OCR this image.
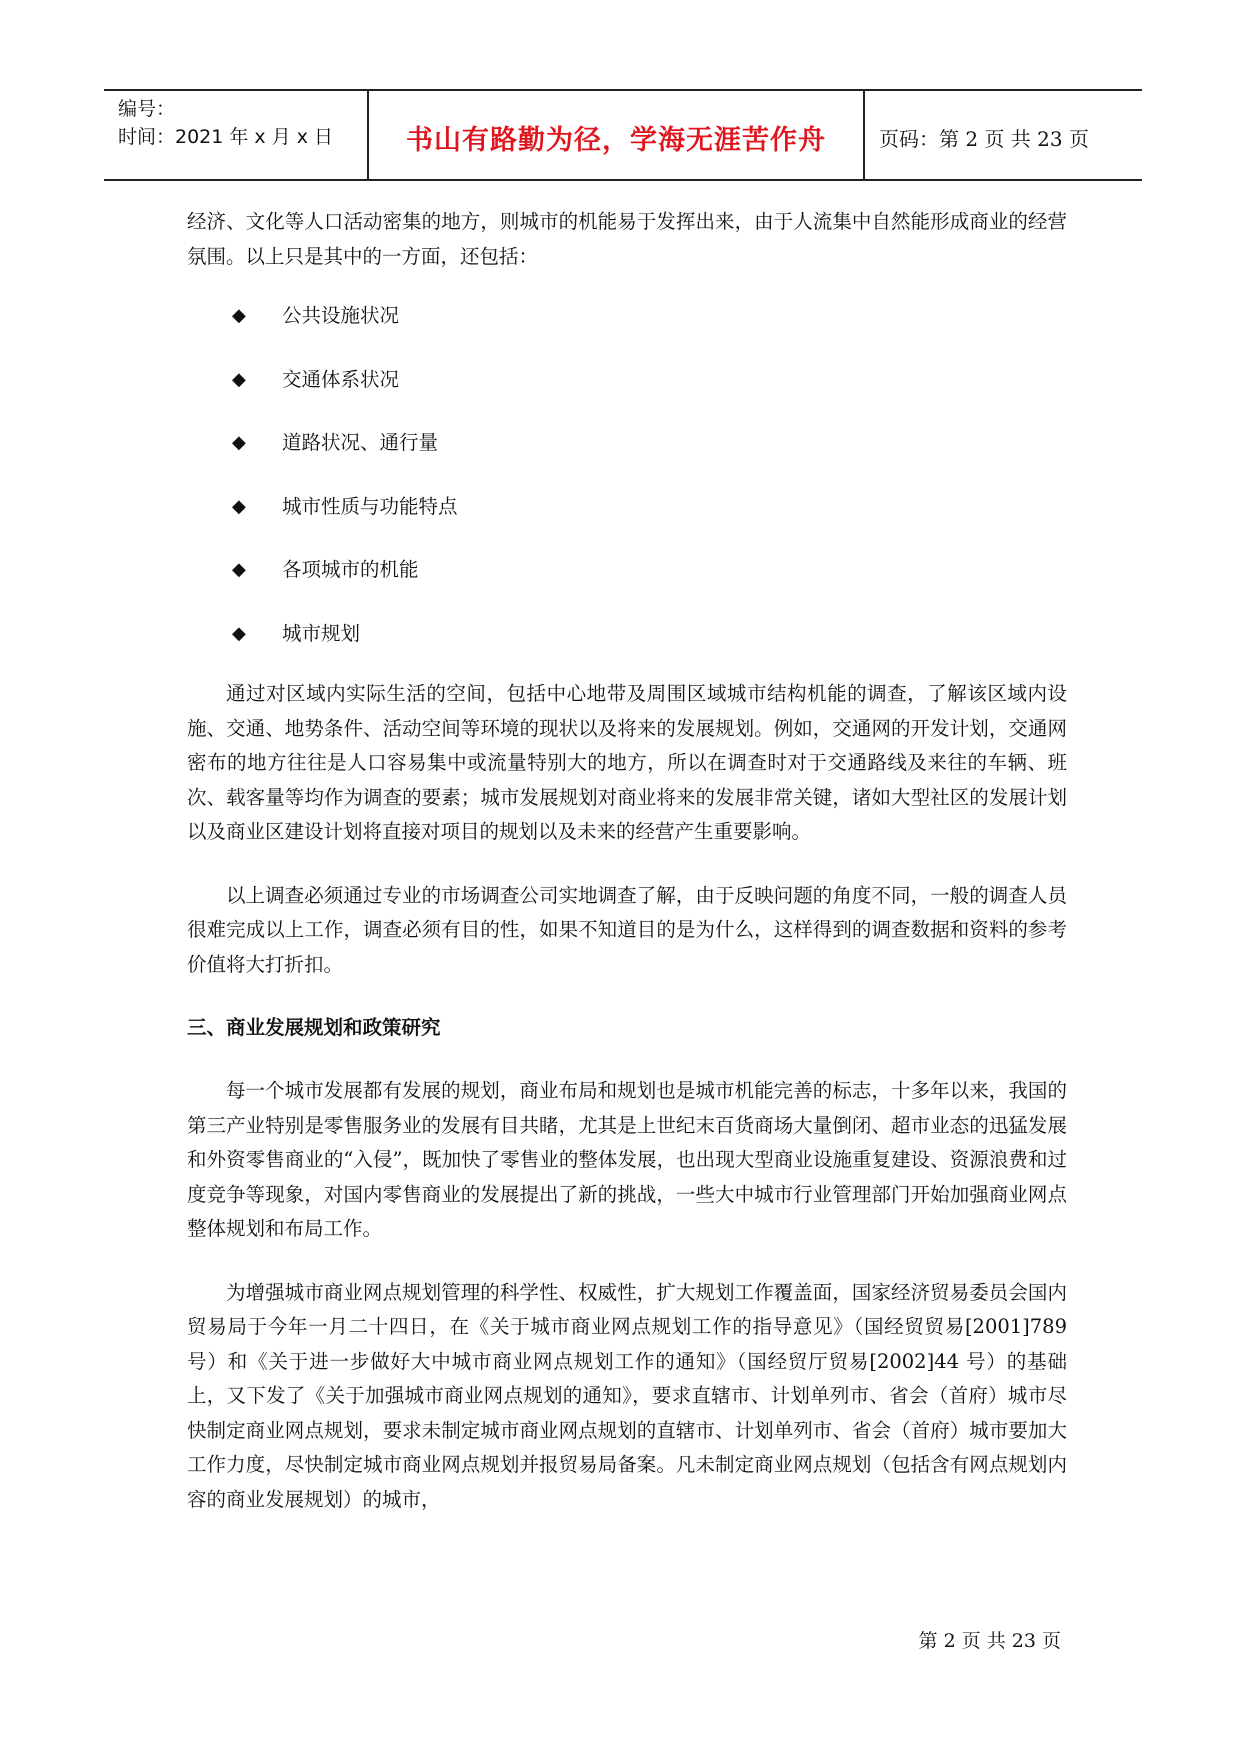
编号：
时间：2021 年 x 月 x 日	书山有路勤为径，学海无涯苦作舟	页码：第 2 页 共 23 页

经济、文化等人口活动密集的地方，则城市的机能易于发挥出来，由于人流集中自然能形成商业的经营氛围。以上只是其中的一方面，还包括：

◆ 公共设施状况
◆ 交通体系状况
◆ 道路状况、通行量
◆ 城市性质与功能特点
◆ 各项城市的机能
◆ 城市规划

通过对区域内实际生活的空间，包括中心地带及周围区域城市结构机能的调查，了解该区域内设施、交通、地势条件、活动空间等环境的现状以及将来的发展规划。例如，交通网的开发计划，交通网密布的地方往往是人口容易集中或流量特别大的地方，所以在调查时对于交通路线及来往的车辆、班次、载客量等均作为调查的要素；城市发展规划对商业将来的发展非常关键，诸如大型社区的发展计划以及商业区建设计划将直接对项目的规划以及未来的经营产生重要影响。

以上调查必须通过专业的市场调查公司实地调查了解，由于反映问题的角度不同，一般的调查人员很难完成以上工作，调查必须有目的性，如果不知道目的是为什么，这样得到的调查数据和资料的参考价值将大打折扣。

三、商业发展规划和政策研究

每一个城市发展都有发展的规划，商业布局和规划也是城市机能完善的标志，十多年以来，我国的第三产业特别是零售服务业的发展有目共睹，尤其是上世纪末百货商场大量倒闭、超市业态的迅猛发展和外资零售商业的“入侵”，既加快了零售业的整体发展，也出现大型商业设施重复建设、资源浪费和过度竞争等现象，对国内零售商业的发展提出了新的挑战，一些大中城市行业管理部门开始加强商业网点整体规划和布局工作。

为增强城市商业网点规划管理的科学性、权威性，扩大规划工作覆盖面，国家经济贸易委员会国内贸易局于今年一月二十四日，在《关于城市商业网点规划工作的指导意见》（国经贸贸易[2001]789 号）和《关于进一步做好大中城市商业网点规划工作的通知》（国经贸厅贸易[2002]44 号）的基础上，又下发了《关于加强城市商业网点规划的通知》，要求直辖市、计划单列市、省会（首府）城市尽快制定商业网点规划，要求未制定城市商业网点规划的直辖市、计划单列市、省会（首府）城市要加大工作力度，尽快制定城市商业网点规划并报贸易局备案。凡未制定商业网点规划（包括含有网点规划内容的商业发展规划）的城市，

第 2 页 共 23 页
